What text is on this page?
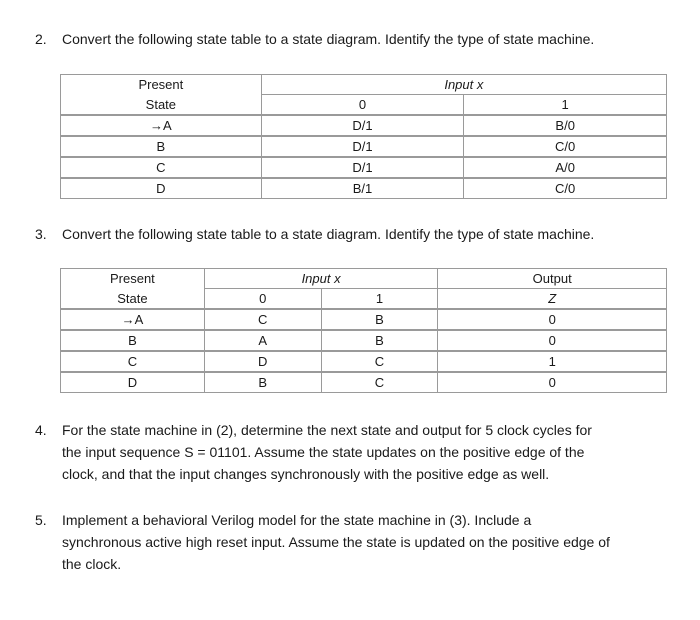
2. Convert the following state table to a state diagram. Identify the type of state machine.
Present	Input x	
State	0	1
→A	D/1	B/0
B	D/1	C/0
C	D/1	A/0
D	B/1	C/0
3. Convert the following state table to a state diagram. Identify the type of state machine.
Present	Input x		Output
State	0	1	Z
→A	C	B	0
B	A	B	0
C	D	C	1
D	B	C	0
4. For the state machine in (2), determine the next state and output for 5 clock cycles for
the input sequence S = 01101. Assume the state updates on the positive edge of the
clock, and that the input changes synchronously with the positive edge as well.
5. Implement a behavioral Verilog model for the state machine in (3). Include a
synchronous active high reset input. Assume the state is updated on the positive edge of
the clock.
